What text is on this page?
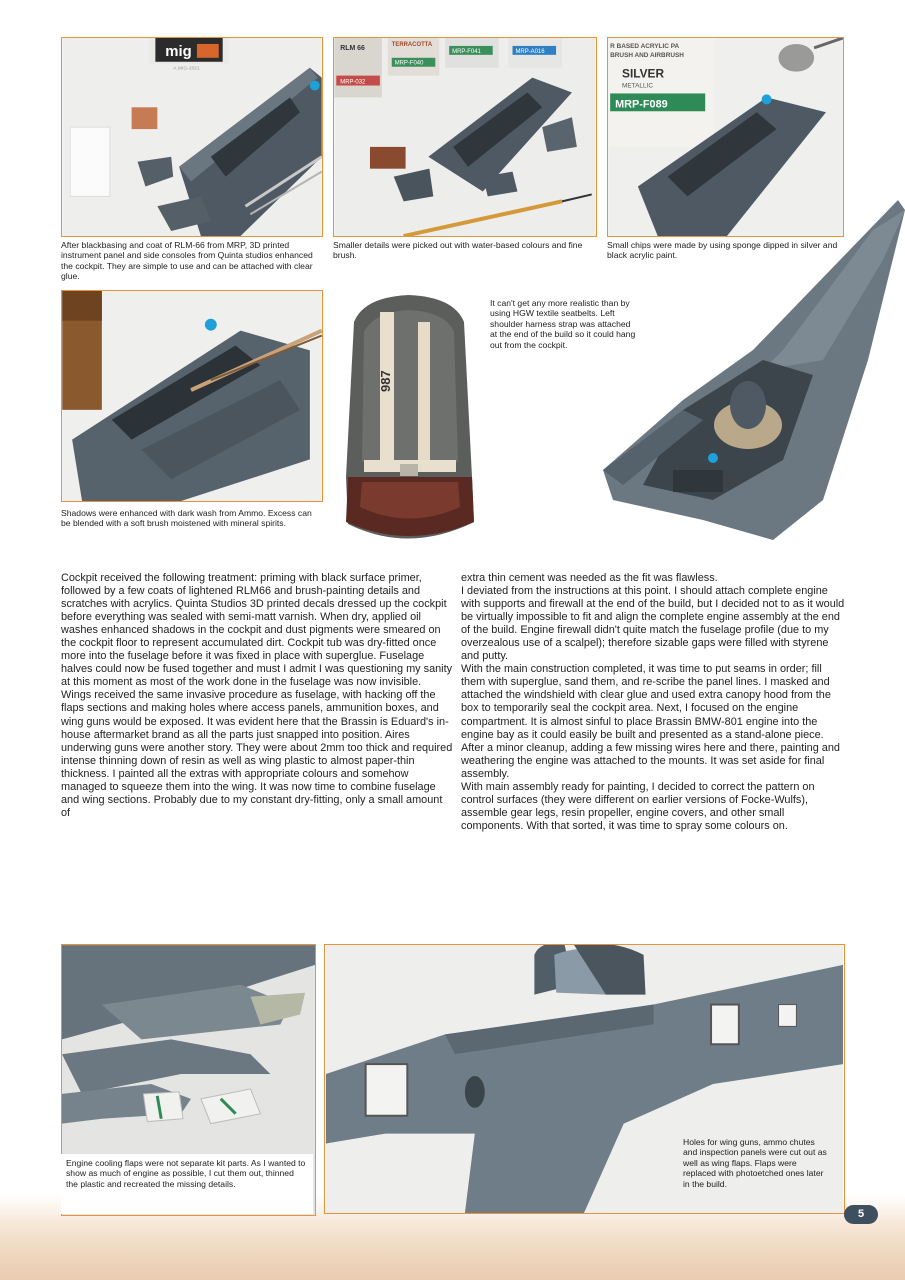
mig
A.MIG-2021
After blackbasing and coat of RLM-66 from MRP, 3D printed instrument panel and side consoles from Quinta studios enhanced the cockpit. They are simple to use and can be attached with clear glue.
RLM 66
MRP-032
TERRACOTTA
MRP-F040
MRP-F041	MRP-A016
Smaller details were picked out with water-based colours and fine brush.
R BASED ACRYLIC PA
BRUSH AND AIRBRUSH
SILVER
METALLIC
MRP-F089
Small chips were made by using sponge dipped in silver and black acrylic paint.
Shadows were enhanced with dark wash from Ammo. Excess can be blended with a soft brush moistened with mineral spirits.
987
It can't get any more realistic than by using HGW textile seatbelts. Left shoulder harness strap was attached at the end of the build so it could hang out from the cockpit.

Cockpit received the following treatment: priming with black surface primer, followed by a few coats of lightened RLM66 and brush-painting details and scratches with acrylics. Quinta Studios 3D printed decals dressed up the cockpit before everything was sealed with semi-matt varnish. When dry, applied oil washes enhanced shadows in the cockpit and dust pigments were smeared on the cockpit floor to represent accumulated dirt. Cockpit tub was dry-fitted once more into the fuselage before it was fixed in place with superglue. Fuselage halves could now be fused together and must I admit I was questioning my sanity at this moment as most of the work done in the fuselage was now invisible.

Wings received the same invasive procedure as fuselage, with hacking off the flaps sections and making holes where access panels, ammunition boxes, and wing guns would be exposed. It was evident here that the Brassin is Eduard's in-house aftermarket brand as all the parts just snapped into position. Aires underwing guns were another story. They were about 2mm too thick and required intense thinning down of resin as well as wing plastic to almost paper-thin thickness. I painted all the extras with appropriate colours and somehow managed to squeeze them into the wing. It was now time to combine fuselage and wing sections. Probably due to my constant dry-fitting, only a small amount of

extra thin cement was needed as the fit was flawless.

I deviated from the instructions at this point. I should attach complete engine with supports and firewall at the end of the build, but I decided not to as it would be virtually impossible to fit and align the complete engine assembly at the end of the build. Engine firewall didn't quite match the fuselage profile (due to my overzealous use of a scalpel); therefore sizable gaps were filled with styrene and putty.

With the main construction completed, it was time to put seams in order; fill them with superglue, sand them, and re-scribe the panel lines. I masked and attached the windshield with clear glue and used extra canopy hood from the box to temporarily seal the cockpit area. Next, I focused on the engine compartment. It is almost sinful to place Brassin BMW-801 engine into the engine bay as it could easily be built and presented as a stand-alone piece. After a minor cleanup, adding a few missing wires here and there, painting and weathering the engine was attached to the mounts. It was set aside for final assembly.

With main assembly ready for painting, I decided to correct the pattern on control surfaces (they were different on earlier versions of Focke-Wulfs), assemble gear legs, resin propeller, engine covers, and other small components. With that sorted, it was time to spray some colours on.

Engine cooling flaps were not separate kit parts. As I wanted to show as much of engine as possible, I cut them out, thinned the plastic and recreated the missing details.
Holes for wing guns, ammo chutes and inspection panels were cut out as well as wing flaps. Flaps were replaced with photoetched ones later in the build.
5
